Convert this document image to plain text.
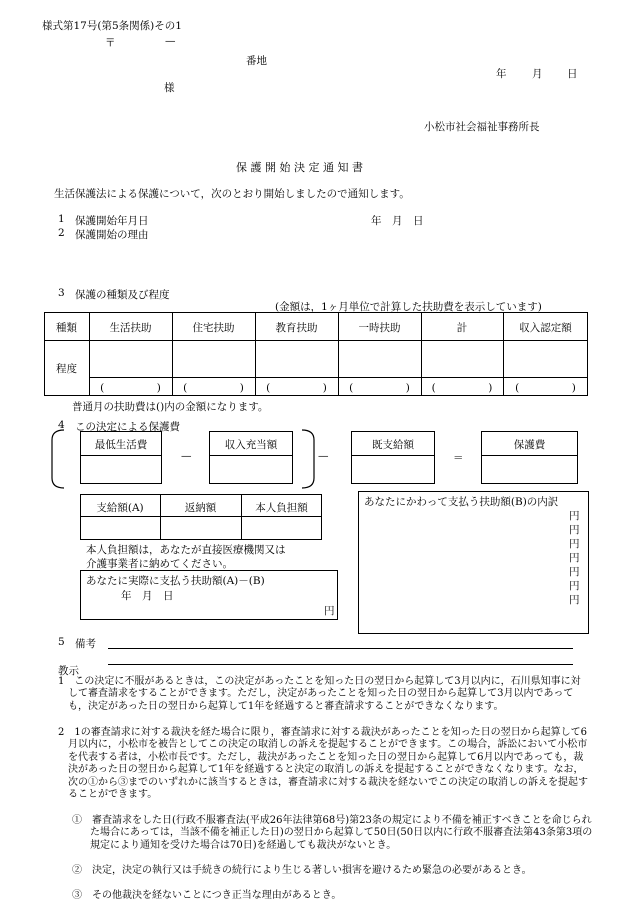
様式第17号(第5条関係)その1
〒	—
番地
年 月 日
様
小松市社会福祉事務所長
保 護 開 始 決 定 通 知 書
生活保護法による保護について，次のとおり開始しましたので通知します。
1 保護開始年月日	年　月　日
2 保護開始の理由
3 保護の種類及び程度
(金額は，1ヶ月単位で計算した扶助費を表示しています)
種類	生活扶助	住宅扶助	教育扶助	一時扶助	計	収入認定額
程度
(　　　　　)	(　　　　　)	(　　　　　)	(　　　　　)	(　　　　　)	(　　　　　)
普通月の扶助費は()内の金額になります。
4 この決定による保護費
最低生活費
—
収入充当額
—
既支給額
＝
保護費
支給額(A)	返納額	本人負担額
本人負担額は，あなたが直接医療機関又は
介護事業者に納めてください。
あなたに実際に支払う扶助額(A)－(B)
年　月　日
円
あなたにかわって支払う扶助額(B)の内訳
円
円
円
円
円
円
円
5 備考
教示
1　この決定に不服があるときは，この決定があったことを知った日の翌日から起算して3月以内に，石川県知事に対して審査請求をすることができます。ただし，決定があったことを知った日の翌日から起算して3月以内であっても，決定があった日の翌日から起算して1年を経過すると審査請求することができなくなります。
2　1の審査請求に対する裁決を経た場合に限り，審査請求に対する裁決があったことを知った日の翌日から起算して6月以内に，小松市を被告としてこの決定の取消しの訴えを提起することができます。この場合，訴訟において小松市を代表する者は，小松市長です。ただし，裁決があったことを知った日の翌日から起算して6月以内であっても，裁決があった日の翌日から起算して1年を経過すると決定の取消しの訴えを提起することができなくなります。なお，次の①から③までのいずれかに該当するときは，審査請求に対する裁決を経ないでこの決定の取消しの訴えを提起することができます。
①　審査請求をした日(行政不服審査法(平成26年法律第68号)第23条の規定により不備を補正すべきことを命じられた場合にあっては，当該不備を補正した日)の翌日から起算して50日(50日以内に行政不服審査法第43条第3項の規定により通知を受けた場合は70日)を経過しても裁決がないとき。
②　決定，決定の執行又は手続きの続行により生じる著しい損害を避けるため緊急の必要があるとき。
③　その他裁決を経ないことにつき正当な理由があるとき。
